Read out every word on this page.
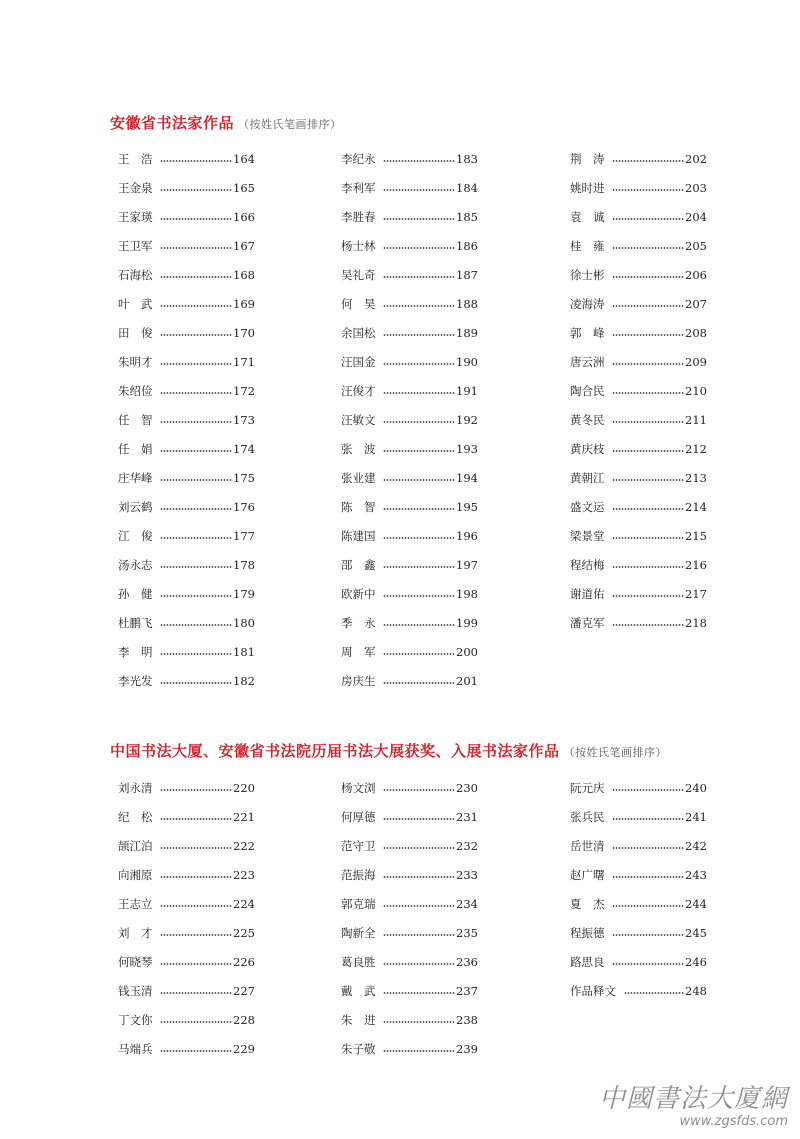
安徽省书法家作品 （按姓氏笔画排序）
王　浩	164
王金泉	165
王家瑛	166
王卫军	167
石海松	168
叶　武	169
田　俊	170
朱明才	171
朱绍俭	172
任　智	173
任　娟	174
庄华峰	175
刘云鹤	176
江　俊	177
汤永志	178
孙　健	179
杜鹏飞	180
李　明	181
李光发	182
李纪永	183
李利军	184
李胜春	185
杨士林	186
吴礼奇	187
何　昊	188
余国松	189
汪国金	190
汪俊才	191
汪敏文	192
张　波	193
张业建	194
陈　智	195
陈建国	196
邵　鑫	197
欧新中	198
季　永	199
周　军	200
房庆生	201
荆　涛	202
姚时进	203
袁　诚	204
桂　雍	205
徐士彬	206
凌海涛	207
郭　峰	208
唐云洲	209
陶合民	210
黄冬民	211
黄庆枝	212
黄朝江	213
盛文运	214
梁景堂	215
程结梅	216
谢道佑	217
潘克军	218
中国书法大厦、安徽省书法院历届书法大展获奖、入展书法家作品 （按姓氏笔画排序）
刘永清	220
纪　松	221
颉江泊	222
向湘原	223
王志立	224
刘　才	225
何晓琴	226
钱玉清	227
丁文你	228
马端兵	229
杨文浏	230
何厚德	231
范守卫	232
范振海	233
郭克瑞	234
陶新全	235
葛良胜	236
戴　武	237
朱　进	238
朱子敬	239
阮元庆	240
张兵民	241
岳世清	242
赵广曙	243
夏　杰	244
程振德	245
路思良	246
作品释文	248
中國書法大廈網
www.zgsfds.com
